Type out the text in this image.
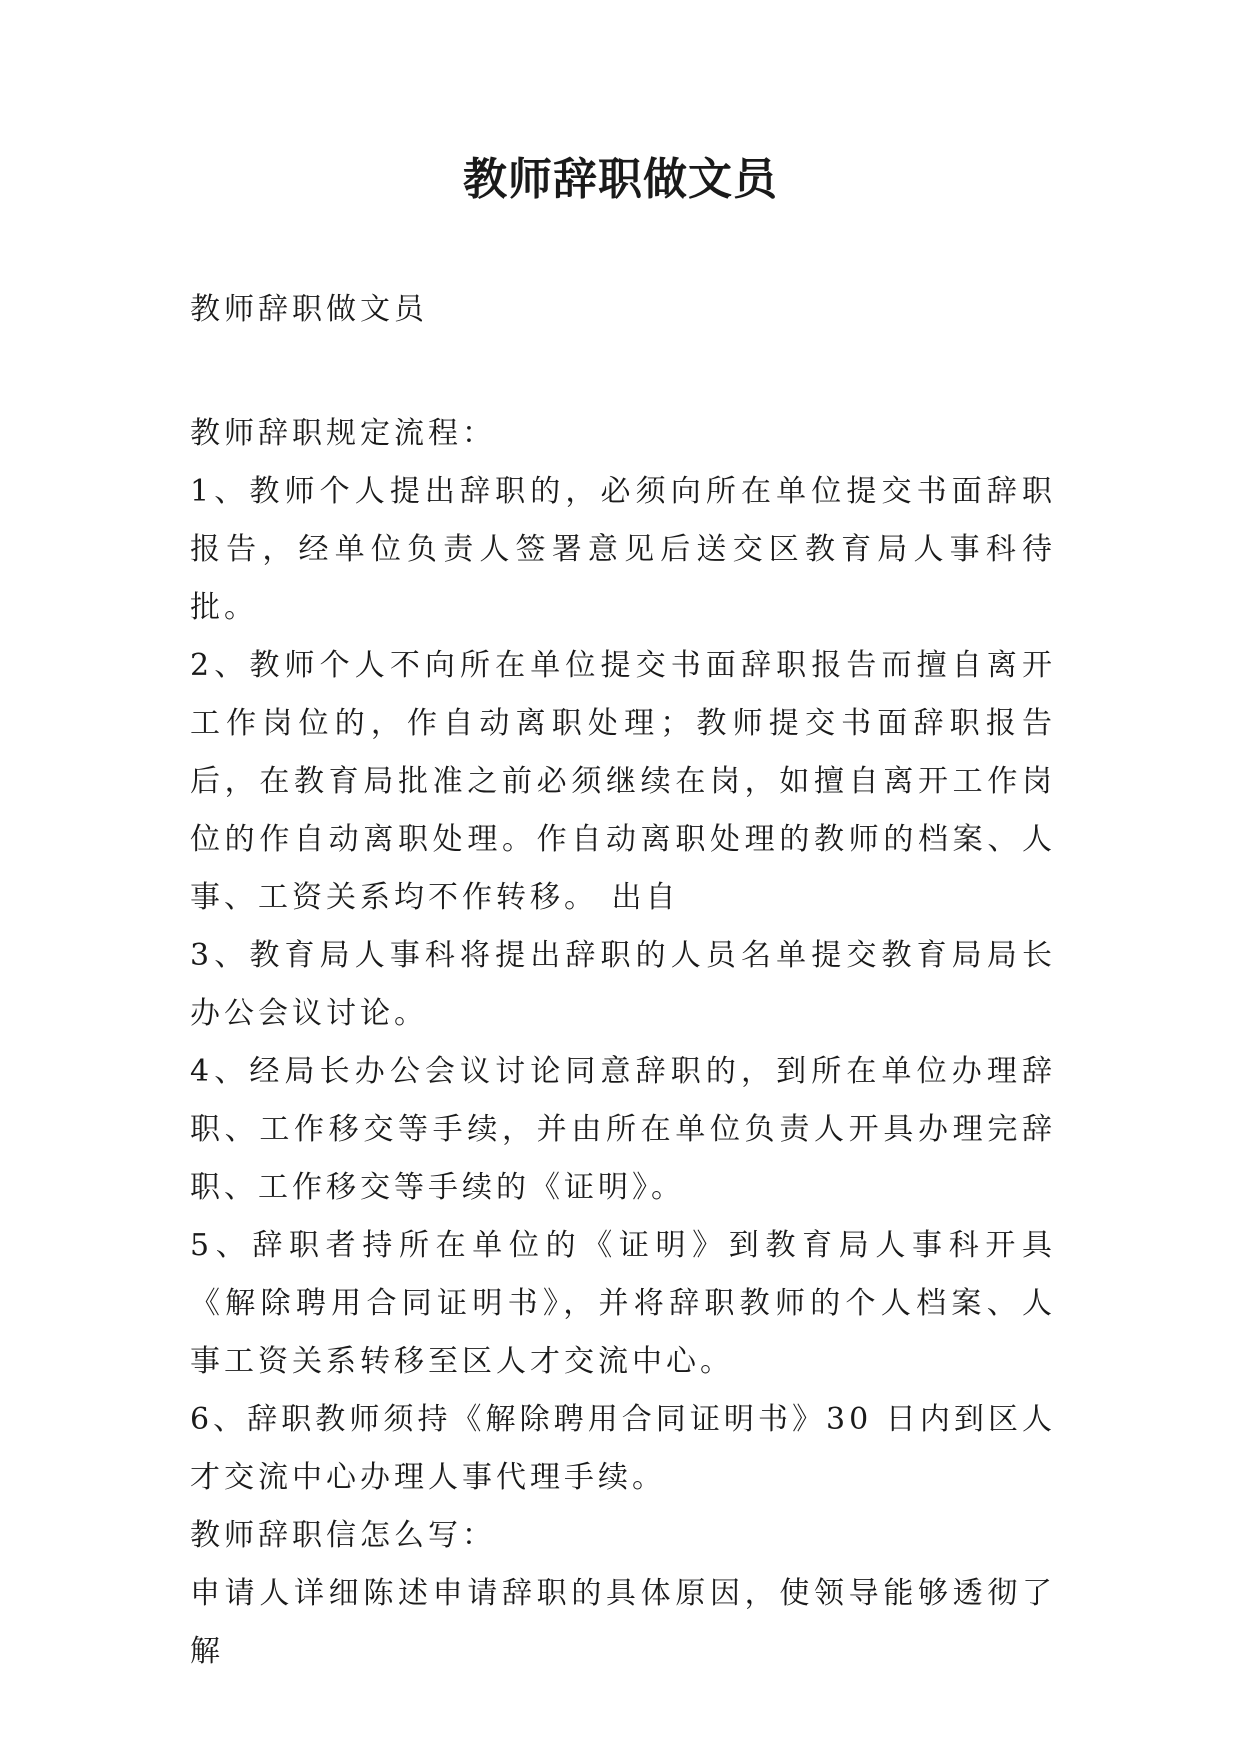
教师辞职做文员

教师辞职做文员

教师辞职规定流程：

1、教师个人提出辞职的，必须向所在单位提交书面辞职报告，经单位负责人签署意见后送交区教育局人事科待批。

2、教师个人不向所在单位提交书面辞职报告而擅自离开工作岗位的，作自动离职处理；教师提交书面辞职报告后，在教育局批准之前必须继续在岗，如擅自离开工作岗位的作自动离职处理。作自动离职处理的教师的档案、人事、工资关系均不作转移。 出自

3、教育局人事科将提出辞职的人员名单提交教育局局长办公会议讨论。

4、经局长办公会议讨论同意辞职的，到所在单位办理辞职、工作移交等手续，并由所在单位负责人开具办理完辞职、工作移交等手续的《证明》。

5、辞职者持所在单位的《证明》到教育局人事科开具《解除聘用合同证明书》，并将辞职教师的个人档案、人事工资关系转移至区人才交流中心。

6、辞职教师须持《解除聘用合同证明书》30 日内到区人才交流中心办理人事代理手续。

教师辞职信怎么写：

申请人详细陈述申请辞职的具体原因，使领导能够透彻了解
